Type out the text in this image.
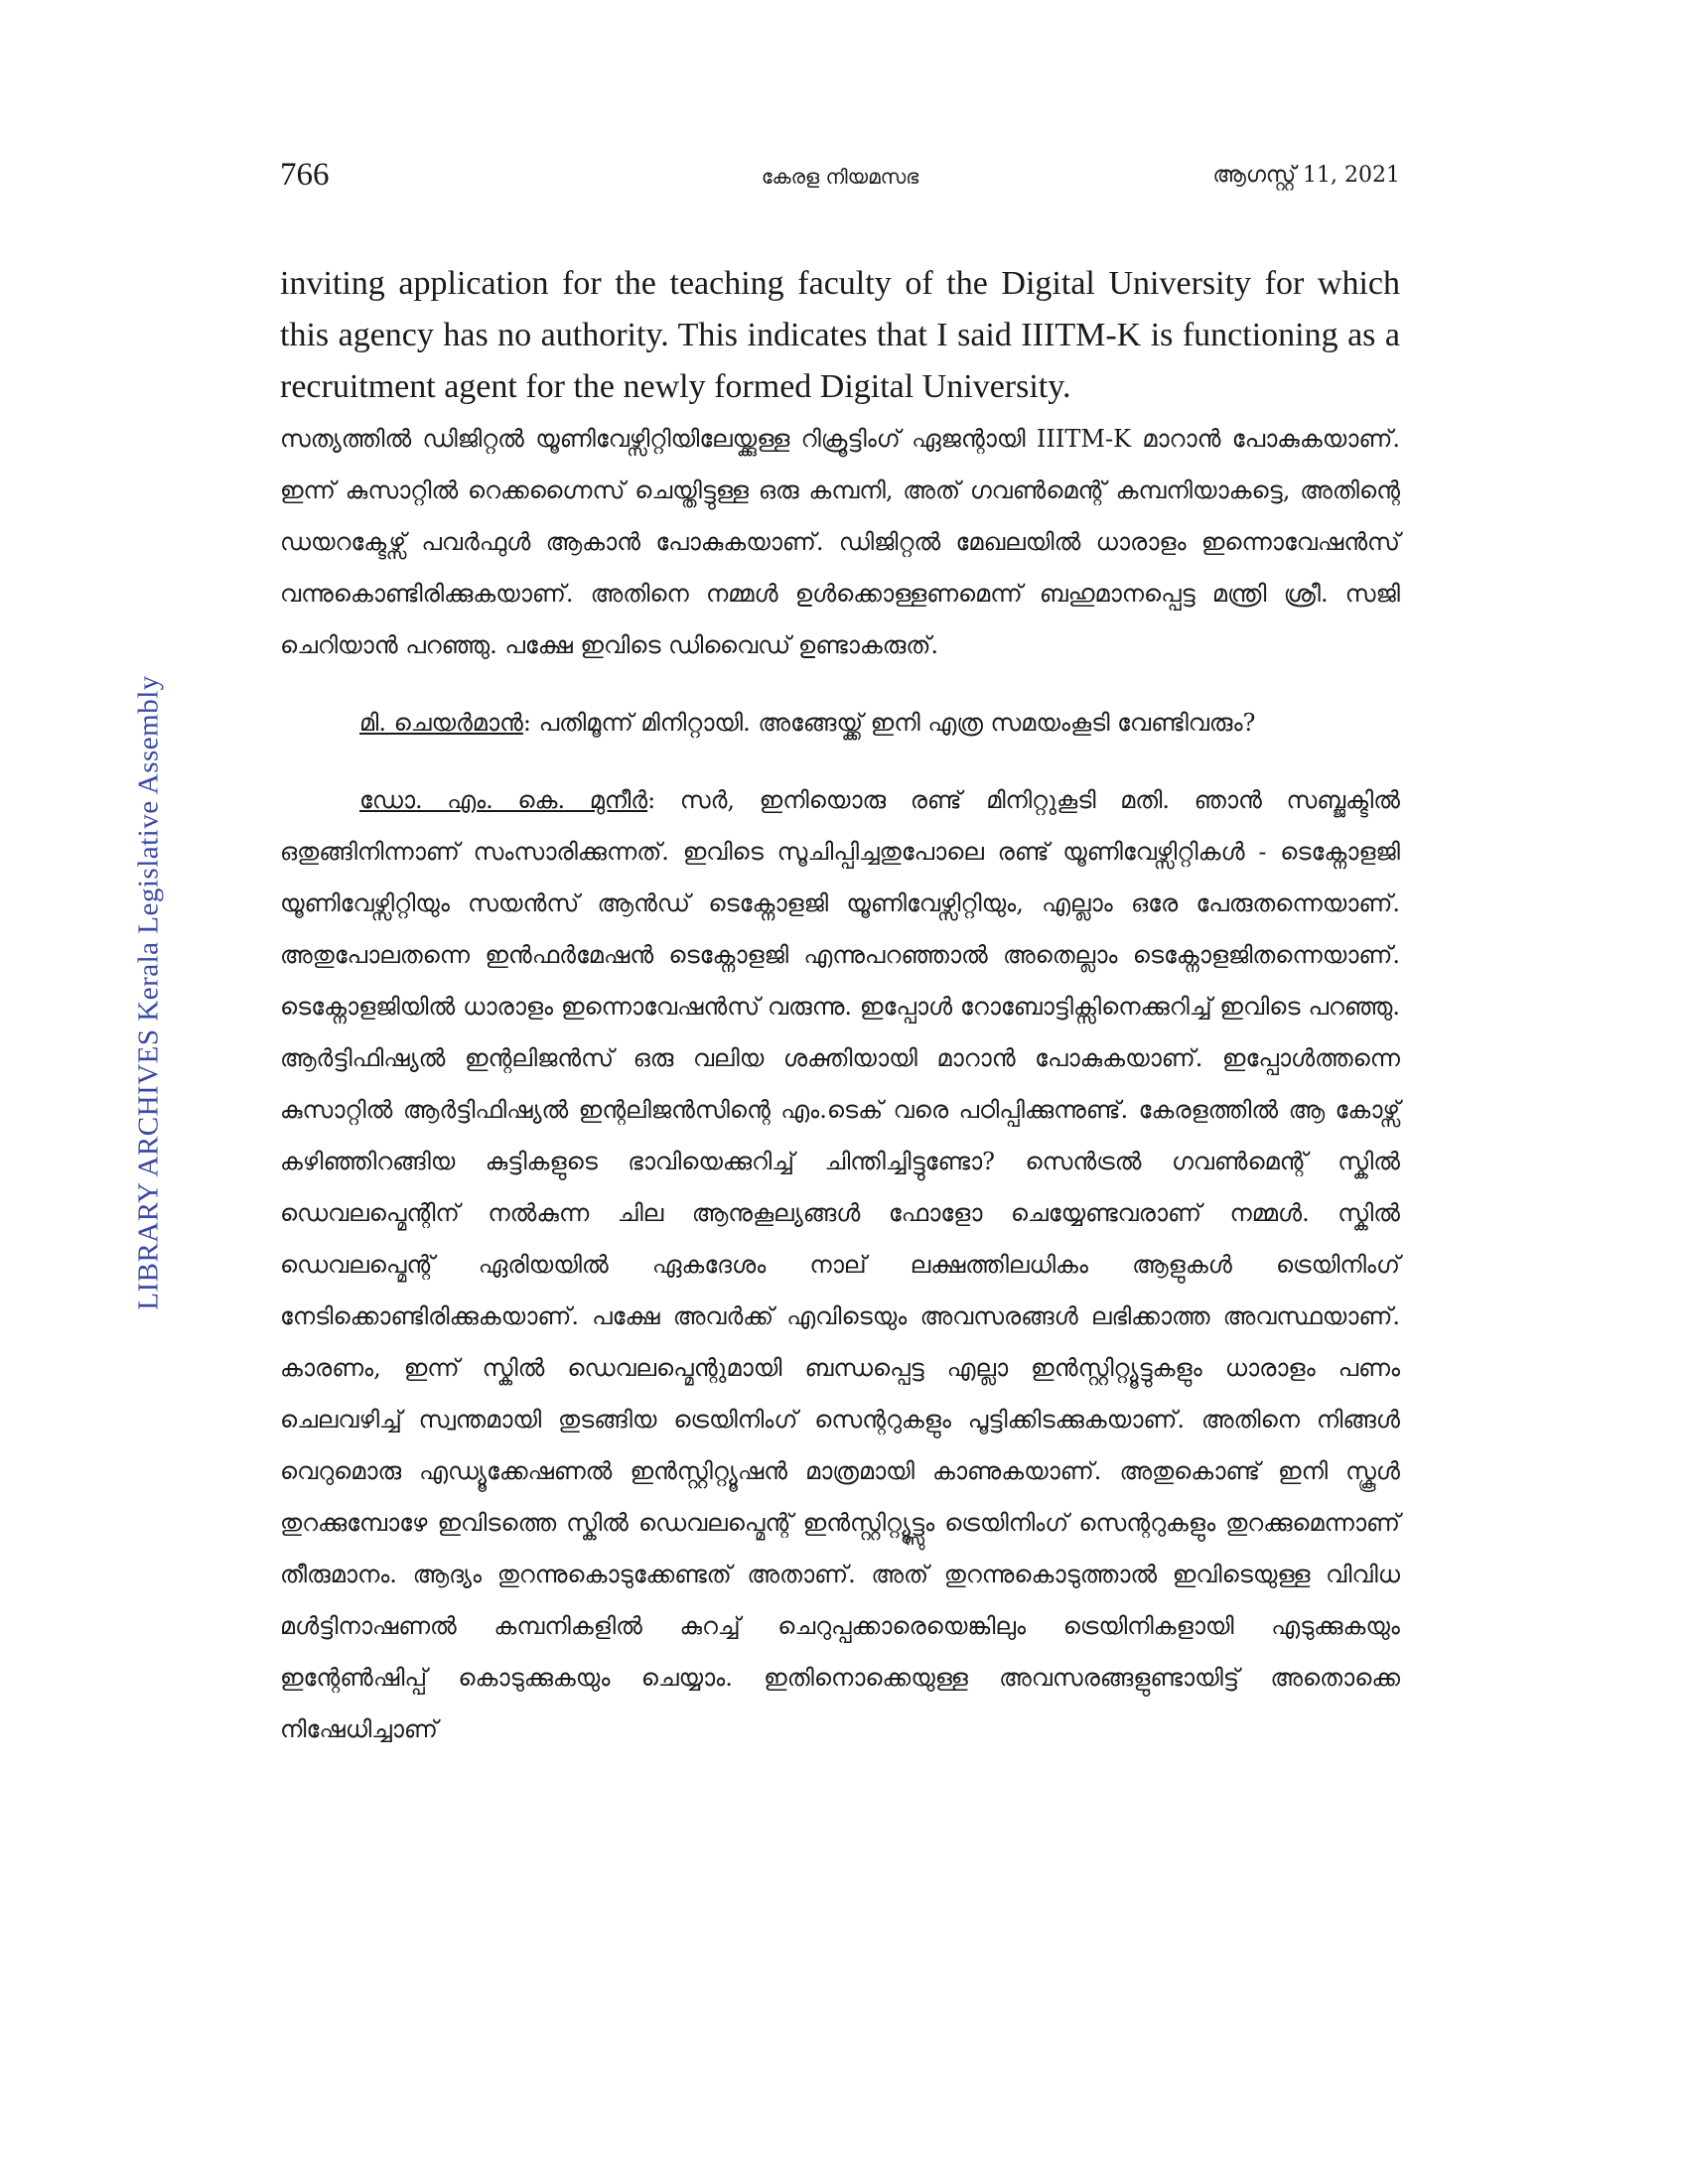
766	കേരള നിയമസഭ	ആഗസ്റ്റ് 11, 2021
LIBRARY ARCHIVES Kerala Legislative Assembly

inviting application for the teaching faculty of the Digital University for which this agency has no authority. This indicates that I said IIITM-K is functioning as a recruitment agent for the newly formed Digital University.

സത്യത്തിൽ ഡിജിറ്റൽ യൂണിവേഴ്സിറ്റിയിലേയ്ക്കുള്ള റിക്രൂട്ടിംഗ് ഏജന്റായി IIITM-K മാറാൻ പോകുകയാണ്. ഇന്ന് കുസാറ്റിൽ റെക്കഗ്നൈസ് ചെയ്തിട്ടുള്ള ഒരു കമ്പനി, അത് ഗവൺമെന്റ് കമ്പനിയാകട്ടെ, അതിന്റെ ഡയറക്ടേഴ്സ് പവർഫുൾ ആകാൻ പോകുകയാണ്. ഡിജിറ്റൽ മേഖലയിൽ ധാരാളം ഇന്നൊവേഷൻസ് വന്നുകൊണ്ടിരിക്കുകയാണ്. അതിനെ നമ്മൾ ഉൾക്കൊള്ളണമെന്ന് ബഹുമാനപ്പെട്ട മന്ത്രി ശ്രീ. സജി ചെറിയാൻ പറഞ്ഞു. പക്ഷേ ഇവിടെ ഡിവൈഡ് ഉണ്ടാകരുത്.

മി. ചെയർമാൻ: പതിമൂന്ന് മിനിറ്റായി. അങ്ങേയ്ക്ക് ഇനി എത്ര സമയംകൂടി വേണ്ടിവരും?

ഡോ. എം. കെ. മുനീർ: സർ, ഇനിയൊരു രണ്ട് മിനിറ്റുകൂടി മതി. ഞാൻ സബ്ജക്ടിൽ ഒതുങ്ങിനിന്നാണ് സംസാരിക്കുന്നത്. ഇവിടെ സൂചിപ്പിച്ചതുപോലെ രണ്ട് യൂണിവേഴ്സിറ്റികൾ - ടെക്നോളജി യൂണിവേഴ്സിറ്റിയും സയൻസ് ആൻഡ് ടെക്നോളജി യൂണിവേഴ്സിറ്റിയും, എല്ലാം ഒരേ പേരുതന്നെയാണ്. അതുപോലതന്നെ ഇൻഫർമേഷൻ ടെക്നോളജി എന്നുപറഞ്ഞാൽ അതെല്ലാം ടെക്നോളജിതന്നെയാണ്. ടെക്നോളജിയിൽ ധാരാളം ഇന്നൊവേഷൻസ് വരുന്നു. ഇപ്പോൾ റോബോട്ടിക്സിനെക്കുറിച്ച് ഇവിടെ പറഞ്ഞു. ആർട്ടിഫിഷ്യൽ ഇന്റലിജൻസ് ഒരു വലിയ ശക്തിയായി മാറാൻ പോകുകയാണ്. ഇപ്പോൾത്തന്നെ കുസാറ്റിൽ ആർട്ടിഫിഷ്യൽ ഇന്റലിജൻസിന്റെ എം.ടെക് വരെ പഠിപ്പിക്കുന്നുണ്ട്. കേരളത്തിൽ ആ കോഴ്സ് കഴിഞ്ഞിറങ്ങിയ കുട്ടികളുടെ ഭാവിയെക്കുറിച്ച് ചിന്തിച്ചിട്ടുണ്ടോ? സെൻട്രൽ ഗവൺമെന്റ് സ്കിൽ ഡെവലപ്മെന്റിന് നൽകുന്ന ചില ആനുകൂല്യങ്ങൾ ഫോളോ ചെയ്യേണ്ടവരാണ് നമ്മൾ. സ്കിൽ ഡെവലപ്മെന്റ് ഏരിയയിൽ ഏകദേശം നാല് ലക്ഷത്തിലധികം ആളുകൾ ട്രെയിനിംഗ് നേടിക്കൊണ്ടിരിക്കുകയാണ്. പക്ഷേ അവർക്ക് എവിടെയും അവസരങ്ങൾ ലഭിക്കാത്ത അവസ്ഥയാണ്. കാരണം, ഇന്ന് സ്കിൽ ഡെവലപ്മെന്റുമായി ബന്ധപ്പെട്ട എല്ലാ ഇൻസ്റ്റിറ്റ്യൂട്ടുകളും ധാരാളം പണം ചെലവഴിച്ച് സ്വന്തമായി തുടങ്ങിയ ട്രെയിനിംഗ് സെന്ററുകളും പൂട്ടിക്കിടക്കുകയാണ്. അതിനെ നിങ്ങൾ വെറുമൊരു എഡ്യൂക്കേഷണൽ ഇൻസ്റ്റിറ്റ്യൂഷൻ മാത്രമായി കാണുകയാണ്. അതുകൊണ്ട് ഇനി സ്കൂൾ തുറക്കുമ്പോഴേ ഇവിടത്തെ സ്കിൽ ഡെവലപ്മെന്റ് ഇൻസ്റ്റിറ്റ്യൂട്ട്സും ട്രെയിനിംഗ് സെന്ററുകളും തുറക്കുമെന്നാണ് തീരുമാനം. ആദ്യം തുറന്നുകൊടുക്കേണ്ടത് അതാണ്. അത് തുറന്നുകൊടുത്താൽ ഇവിടെയുള്ള വിവിധ മൾട്ടിനാഷണൽ കമ്പനികളിൽ കുറച്ച് ചെറുപ്പക്കാരെയെങ്കിലും ട്രെയിനികളായി എടുക്കുകയും ഇന്റേൺഷിപ്പ് കൊടുക്കുകയും ചെയ്യാം. ഇതിനൊക്കെയുള്ള അവസരങ്ങളുണ്ടായിട്ട് അതൊക്കെ നിഷേധിച്ചാണ്
